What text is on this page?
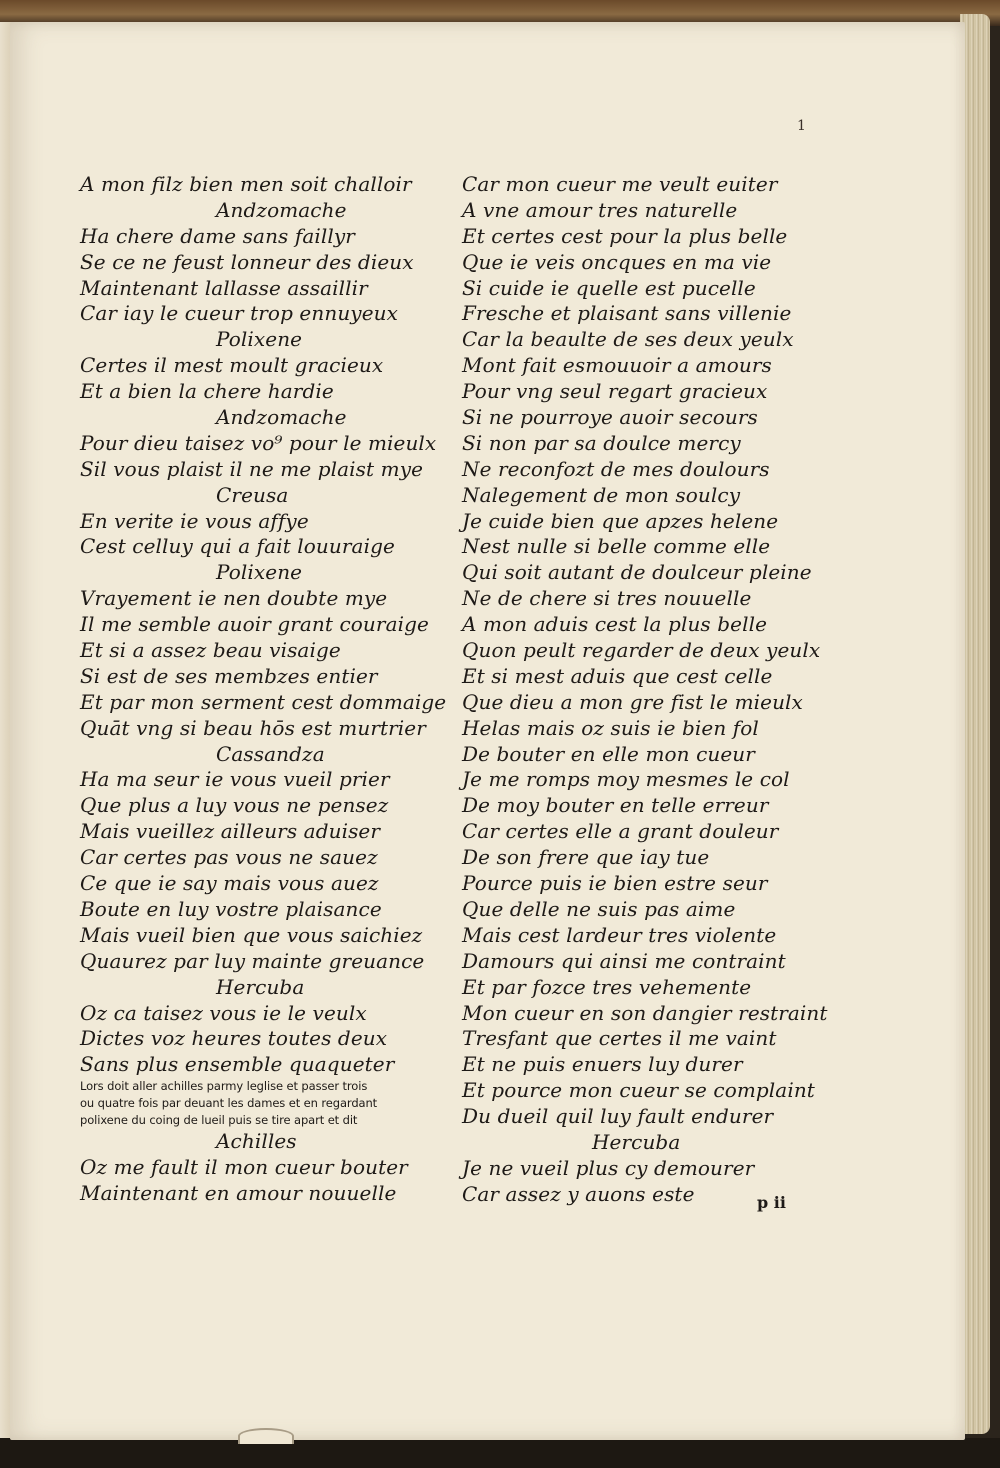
1
A mon filz bien men soit challoir
Andzomache
Ha chere dame sans faillyr
Se ce ne feust lonneur des dieux
Maintenant lallasse assaillir
Car iay le cueur trop ennuyeux
Polixene
Certes il mest moult gracieux
Et a bien la chere hardie
Andzomache
Pour dieu taisez vo⁹ pour le mieulx
Sil vous plaist il ne me plaist mye
Creusa
En verite ie vous affye
Cest celluy qui a fait louuraige
Polixene
Vrayement ie nen doubte mye
Il me semble auoir grant couraige
Et si a assez beau visaige
Si est de ses membzes entier
Et par mon serment cest dommaige
Quāt vng si beau hōs est murtrier
Cassandza
Ha ma seur ie vous vueil prier
Que plus a luy vous ne pensez
Mais vueillez ailleurs aduiser
Car certes pas vous ne sauez
Ce que ie say mais vous auez
Boute en luy vostre plaisance
Mais vueil bien que vous saichiez
Quaurez par luy mainte greuance
Hercuba
Oz ca taisez vous ie le veulx
Dictes voz heures toutes deux
Sans plus ensemble quaqueter
Lors doit aller achilles parmy leglise et passer trois
ou quatre fois par deuant les dames et en regardant
polixene du coing de lueil puis se tire apart et dit
Achilles
Oz me fault il mon cueur bouter
Maintenant en amour nouuelle
Car mon cueur me veult euiter
A vne amour tres naturelle
Et certes cest pour la plus belle
Que ie veis oncques en ma vie
Si cuide ie quelle est pucelle
Fresche et plaisant sans villenie
Car la beaulte de ses deux yeulx
Mont fait esmouuoir a amours
Pour vng seul regart gracieux
Si ne pourroye auoir secours
Si non par sa doulce mercy
Ne reconfozt de mes doulours
Nalegement de mon soulcy
Je cuide bien que apzes helene
Nest nulle si belle comme elle
Qui soit autant de doulceur pleine
Ne de chere si tres nouuelle
A mon aduis cest la plus belle
Quon peult regarder de deux yeulx
Et si mest aduis que cest celle
Que dieu a mon gre fist le mieulx
Helas mais oz suis ie bien fol
De bouter en elle mon cueur
Je me romps moy mesmes le col
De moy bouter en telle erreur
Car certes elle a grant douleur
De son frere que iay tue
Pource puis ie bien estre seur
Que delle ne suis pas aime
Mais cest lardeur tres violente
Damours qui ainsi me contraint
Et par fozce tres vehemente
Mon cueur en son dangier restraint
Tresfant que certes il me vaint
Et ne puis enuers luy durer
Et pource mon cueur se complaint
Du dueil quil luy fault endurer
Hercuba
Je ne vueil plus cy demourer
Car assez y auons este	p ii
